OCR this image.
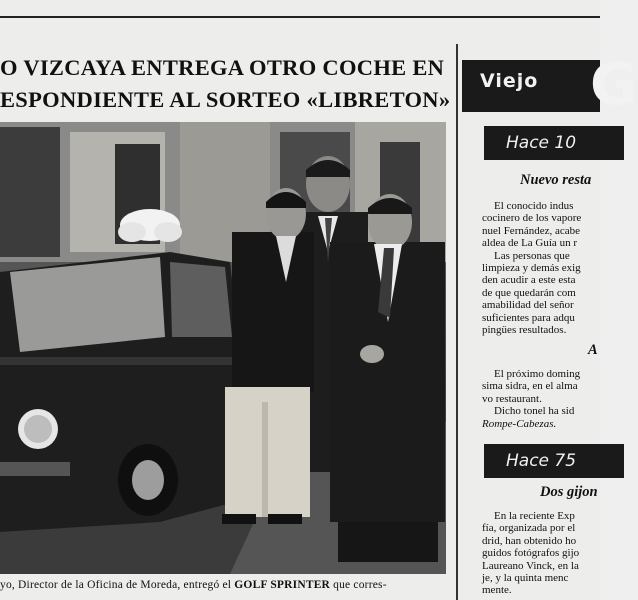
O VIZCAYA ENTREGA OTRO COCHE EN
ESPONDIENTE AL SORTEO «LIBRETON»
yo, Director de la Oficina de Moreda, entregó el GOLF SPRINTER que corres-
Viejo G
Hace 10
Nuevo resta
El conocido indus
cocinero de los vapore
nuel Fernández, acabe
aldea de La Guía un r
Las personas que
limpieza y demás exig
den acudir a este esta
de que quedarán com
amabilidad del señor
suficientes para adqu
pingües resultados.
A
El próximo doming
sima sidra, en el alma
vo restaurant.
Dicho tonel ha sid
Rompe-Cabezas.
Hace 75
Dos gijon
En la reciente Exp
fía, organizada por el
drid, han obtenido ho
guidos fotógrafos gijo
Laureano Vinck, en la
je, y la quinta menc
mente.
